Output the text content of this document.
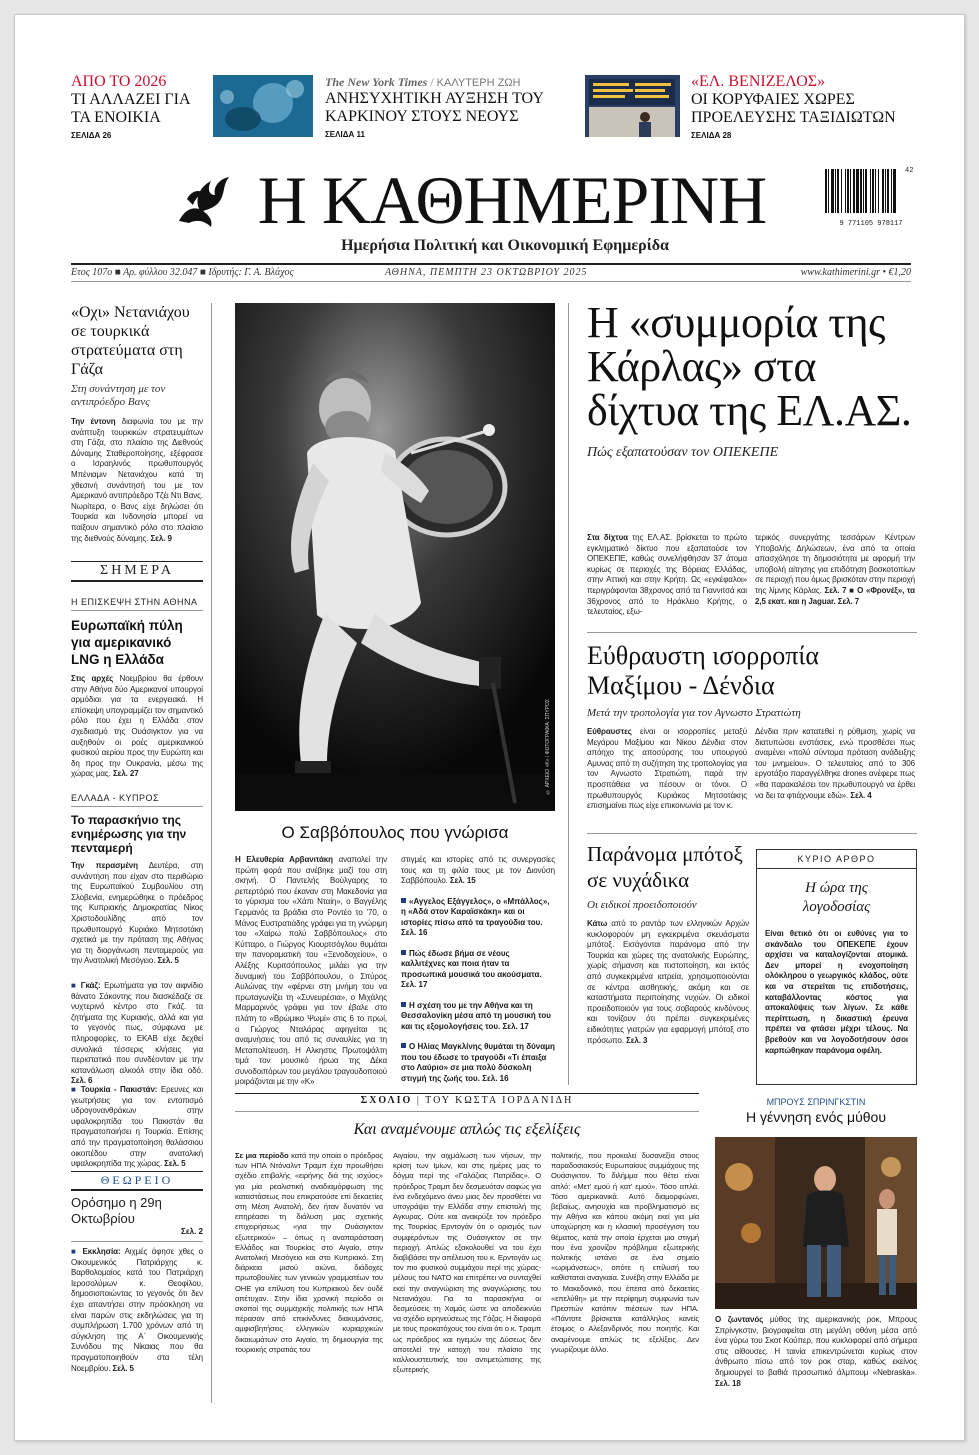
ΑΠΟ ΤΟ 2026
ΤΙ ΑΛΛΑΖΕΙ ΓΙΑ ΤΑ ΕΝΟΙΚΙΑ
ΣΕΛΙΔΑ 26
The New York Times / ΚΑΛΥΤΕΡΗ ΖΩΗ
ΑΝΗΣΥΧΗΤΙΚΗ ΑΥΞΗΣΗ ΤΟΥ ΚΑΡΚΙΝΟΥ ΣΤΟΥΣ ΝΕΟΥΣ
ΣΕΛΙΔΑ 11
«ΕΛ. ΒΕΝΙΖΕΛΟΣ»
ΟΙ ΚΟΡΥΦΑΙΕΣ ΧΩΡΕΣ ΠΡΟΕΛΕΥΣΗΣ ΤΑΞΙΔΙΩΤΩΝ
ΣΕΛΙΔΑ 28
Η ΚΑΘΗΜΕΡΙΝΗ
Ημερήσια Πολιτική και Οικονομική Εφημερίδα
9 771105 978117
42
Ετος 107ο ■ Αρ. φύλλου 32.047 ■ Ιδρυτής: Γ. Α. Βλάχος	ΑΘΗΝΑ, ΠΕΜΠΤΗ 23 ΟΚΤΩΒΡΙΟΥ 2025	www.kathimerini.gr • €1,20
«Οχι» Νετανιάχου σε τουρκικά στρατεύματα στη Γάζα
Στη συνάντηση με τον αντιπρόεδρο Βανς
Την έντονη διαφωνία του με την ανάπτυξη τουρκικών στρατευμάτων στη Γάζα, στο πλαίσιο της Διεθνούς Δύναμης Σταθεροποίησης, εξέφρασε ο Ισραηλινός πρωθυπουργός Μπένιαμιν Νετανιάχου κατά τη χθεσινή συνάντησή του με τον Αμερικανό αντιπρόεδρο Τζέι Ντι Βανς. Νωρίτερα, ο Βανς είχε δηλώσει ότι Τουρκία και Ινδονησία μπορεί να παίξουν σημαντικό ρόλο στο πλαίσιο της διεθνούς δύναμης. Σελ. 9
ΣΗΜΕΡΑ
Η ΕΠΙΣΚΕΨΗ ΣΤΗΝ ΑΘΗΝΑ
Ευρωπαϊκή πύλη για αμερικανικό LNG η Ελλάδα
Στις αρχές Νοεμβρίου θα έρθουν στην Αθήνα δύο Αμερικανοί υπουργοί αρμόδιοι για τα ενεργειακά. Η επίσκεψη υπογραμμίζει τον σημαντικό ρόλο που έχει η Ελλάδα στον σχεδιασμό της Ουάσιγκτον για να αυξηθούν οι ροές αμερικανικού φυσικού αερίου προς την Ευρώπη και δη προς την Ουκρανία, μέσω της χώρας μας. Σελ. 27
ΕΛΛΑΔΑ - ΚΥΠΡΟΣ
Το παρασκήνιο της ενημέρωσης για την πενταμερή
Την περασμένη Δευτέρα, στη συνάντηση που είχαν στο περιθώριο της Ευρωπαϊκού Συμβουλίου στη Σλοβενία, ενημερώθηκε ο πρόεδρος της Κυπριακής Δημοκρατίας Νίκος Χριστοδουλίδης από τον πρωθυπουργό Κυριάκο Μητσοτάκη σχετικά με την πρόταση της Αθήνας για τη διοργάνωση πενταμερούς για την Ανατολική Μεσόγειο. Σελ. 5
■ Γκάζ: Ερωτήματα για τον αιφνίδιο θάνατο Σάκοντης που διασκέδαζε σε νυχτερινό κέντρο στο Γκάζ. τα ζητήματα της Κυριακής, αλλά και για το γεγονός πως, σύμφωνα με πληροφορίες, το ΕΚΑΒ είχε δεχθεί συνολικά τέσσερις κλήσεις για περιστατικά που συνδέονταν με την κατανάλωση αλκοόλ στην ίδια οδό. Σελ. 6
■ Τουρκία - Πακιστάν: Ερευνες και γεωτρήσεις για τον εντοπισμό υδρογονανθράκων στην υφαλοκρηπίδα του Πακιστάν θα πραγματοποιήσει η Τουρκία. Επίσης από την πραγματοποίηση θαλάσσιου οικοπέδου στην ανατολική υφαλοκρηπίδα της χώρας. Σελ. 5
ΘΕΩΡΕΙΟ
Ορόσημο η 29η Οκτωβρίου
Σελ. 2
■ Εκκλησία: Αιχμές άφησε χθες ο Οικουμενικός Πατριάρχης κ. Βαρθολομαίος κατά του Πατριάρχη Ιεροσολύμων κ. Θεοφίλου, δημοσιοποιώντας το γεγονός ότι δεν έχει απαντήσει στην πρόσκληση να είναι παρών στις εκδηλώσεις για τη συμπλήρωση 1.700 χρόνων από τη σύγκληση της Α΄ Οικουμενικής Συνόδου της Νίκαιας που θα πραγματοποιηθούν στα τέλη Νοεμβρίου. Σελ. 5
© ΑΡΧΕΙΟ «Κ» / ΦΩΤΟΓΡΑΦΙΑ: ΣΠΥΡΟΣ
Ο Σαββόπουλος που γνώρισα
Η Ελευθερία Αρβανιτάκη αναπολεί την πρώτη φορά που ανέβηκε μαζί του στη σκηνή. Ο Παντελής Βούλγαρης το ρεπερτόριό που έκαναν στη Μακεδονία για το γύρισμα του «Χάπι Νταίη», ο Βαγγέλης Γερμανός τα βράδια στο Ροντέο το '70, ο Μάνος Ευστρατιάδης γράφει για τη γνώριμη του «Χαίρω πολύ Σαββόπουλος» στο Κύτταρο, ο Γιώργος Κιουρτσόγλου θυμάται την πανοραματική του «Ξενοδοχείου», ο Αλέξης Κυριτσόπουλος μιλάει για την δυναμική του Σαββόπουλου, ο Σπύρος Αυλώνας την «φέρνει στη μνήμη του να πρωταγωνίζει τη «Συνευρέσια», ο Μιχάλης Μαρμαρινός γράφει για τον έβαλε στο πλάτη το «Βρώμικο Ψωμί» στις 6 το πρωί, ο Γιώργος Νταλάρας αφηγείται τις αναμνήσεις του από τις συναυλίες για τη Μεταπολίτευση. Η Αλκηστις Πρωτοψάλτη τιμά τον μουσικό ήρωα της Δέκα συνοδοιπόρων του μεγάλου τραγουδοποιού μοιράζονται με την «Κ»
στιγμές και ιστορίες από τις συνεργασίες τους και τη φιλία τους με τον Διονύση Σαββόπουλο. Σελ. 15
«Αγγελος Εξάγγελος», ο «Μπάλλος», η «Αδά στον Καραϊσκάκη» και οι ιστορίες πίσω από τα τραγούδια του. Σελ. 16
Πώς έδωσε βήμα σε νέους καλλιτέχνες και ποια ήταν τα προσωπικά μουσικά του ακούσματα. Σελ. 17
Η σχέση του με την Αθήνα και τη Θεσσαλονίκη μέσα από τη μουσική του και τις εξομολογήσεις του. Σελ. 17
Ο Ηλίας Μαγκλίνης θυμάται τη δύναμη που του έδωσε το τραγούδι «Τι έπαιξα στο Λαύριο» σε μια πολύ δύσκολη στιγμή της ζωής του. Σελ. 16
Η «συμμορία της Κάρλας» στα δίχτυα της ΕΛ.ΑΣ.
Πώς εξαπατούσαν τον ΟΠΕΚΕΠΕ
Στα δίχτυα της ΕΛ.ΑΣ. βρίσκεται το πρώτο εγκληματικό δίκτυο που εξαπατούσε τον ΟΠΕΚΕΠΕ, καθώς συνελήφθησαν 37 άτομα κυρίως σε περιοχές της Βόρειας Ελλάδας, στην Αττική και στην Κρήτη. Ως «εγκέφαλοι» περιγράφονται 38χρονος από τα Γιαννιτσά και 36χρονος από το Ηράκλειο Κρήτης, ο τελευταίος, εξω-
τερικός συνεργάτης τεσσάρων Κέντρων Υποβολής Δηλώσεων, ένα από τα οποία απασχόλησε τη δημοσιότητα με αφορμή την υποβολή αίτησης για επιδότηση βοσκοτοπίων σε περιοχή που όμως βρισκόταν στην περιοχή της λίμνης Κάρλας. Σελ. 7 ■ Ο «Φρονέξ», τα 2,5 εκατ. και η Jaguar. Σελ. 7
Εύθραυστη ισορροπία Μαξίμου - Δένδια
Μετά την τροπολογία για τον Αγνωστο Στρατιώτη
Εύθραυστες είναι οι ισορροπίες μεταξύ Μεγάρου Μαξίμου και Νίκου Δένδια στον απόηχο της αποσύρσης του υπουργού Αμυνας από τη συζήτηση της τροπολογίας για τον Αγνωστο Στρατιώτη, παρά την προσπάθεια να πέσουν οι τόνοι. Ο πρωθυπουργός Κυριάκος Μητσοτάκης επισημαίνει πως είχε επικοινωνία με τον κ.
Δένδια πριν κατατεθεί η ρύθμιση, χωρίς να διατυπώσει ενστάσεις, ενώ προσθέσει πως αναμένει «πολύ σύντομα πρόταση ανάδειξης του μνημείου». Ο τελευταίος από το 306 εργοτάξιο παραγγέλθηκε drones ανέφερε πως «θα παρακαλέσει τον πρωθυπουργό να έρθει να δει τα φτιάχνουμε εδώ». Σελ. 4
Παράνομα μπότοξ σε νυχάδικα
Οι ειδικοί προειδοποιούν
Κάτω από το ραντάρ των ελληνικών Αρχών κυκλοφορούν μη εγκεκριμένα σκευάσματα μπότοξ. Εισάγονται παράνομα από την Τουρκία και χώρες της ανατολικής Ευρώπης, χωρίς σήμανση και πιστοποίηση, και εκτός από συγκεκριμένα ιατρεία, χρησιμοποιούνται σε κέντρα αισθητικής, ακόμη και σε καταστήματα περιποίησης νυχιών. Οι ειδικοί προειδοποιούν για τους σοβαρούς κινδύνους και τονίζουν ότι πρέπει συγκεκριμένες ειδικότητες γιατρών για εφαρμογή μπότοξ στο πρόσωπο. Σελ. 3
ΚΥΡΙΟ ΑΡΘΡΟ
Η ώρα της λογοδοσίας
Είναι θετικό ότι οι ευθύνες για το σκάνδαλο του ΟΠΕΚΕΠΕ έχουν αρχίσει να καταλογίζονται ατομικά. Δεν μπορεί η ενοχοποίηση ολόκληρου ο γεωργικός κλάδος, ούτε και να στερείται τις επιδοτήσεις, καταβάλλοντας κόστος για αποκαλύψεις των λίγων. Σε κάθε περίπτωση, η δικαστική έρευνα πρέπει να φτάσει μέχρι τέλους. Να βρεθούν και να λογοδοτήσουν όσοι καρπώθηκαν παράνομα οφέλη.
ΣΧΟΛΙΟ | ΤΟΥ ΚΩΣΤΑ ΙΟΡΔΑΝΙΔΗ
Και αναμένουμε απλώς τις εξελίξεις
Σε μια περίοδο κατά την οποία ο πρόεδρος των ΗΠΑ Ντόναλντ Τραμπ έχει προωθήσει σχέδιο επιβολής «ειρήνης διά της ισχύος» για μία ρεαλιστική αναδιαμόρφωση της καταστάσεως που επικρατούσε επί δεκαετίες στη Μέση Ανατολή, δεν ήταν δυνατόν να επηρέασει τη διάλυση μας σχετικής επιχειρήσεως «για την Ουάσιγκτον εξωτερικού» – όπως η αναπαράσταση Ελλάδος και Τουρκίας στο Αιγαίο, στην Ανατολική Μεσόγειο και στο Κυπριακό. Στη διάρκεια μισού αιώνα, διάδοχες πρωτοβουλίες των γενικών γραμματέων του ΟΗΕ για επίλυση του Κυπριακού δεν ουδέ απέτυχαν. Στην ίδια χρονική περίοδο οι σκοποί της συμμαχικής πολιτικής των ΗΠΑ πέρασαν από επικίνδυνες διακυμάνσεις, αμφισβητήσεις ελληνικών κυριαρχικών δικαιωμάτων στο Αιγαίο, τη δημιουργία της τουρκικής στρατιάς του
Αιγαίου, την αιχμάλωση των νήσων, την κρίση των Ιμίων, και στις ημέρες μας το δόγμα περί της «Γαλάζιας Πατρίδας». Ο πρόεδρος Τραμπ δεν δεσμευόταν σαφώς για ένα ενδεχόμενο άνευ μιας δεν προσθέτει να υπογράψει την Ελλάδα στην επιστολή της Αγκυρας. Ούτε και ανακρύξε τον πρόεδρο της Τουρκίας Ερντογάν ότι ο ορισμός των συμφερόντων της Ουάσιγκτον σε την περιοχή. Απλώς εξακολουθεί να του έχει διαβιβάσει την απέλευση του κ. Ερντογάν ως τον πιο φυσικού συμμάχου περί της χώρας-μέλους του ΝΑΤΟ και επιτρέπει να συνταχθεί εκεί την αναγνώριση της αναγνώρισης του Νετανιάχου. Για τα παρασκήνια οι δεσμεύσεις τη Χαμάς ώστε να αποδεικνύει να σχέδιο ειρηνεύσεως της Γάζας. Η διαφορά με τους προκατόχους του είναι ότι ο κ. Τραμπ ως πρόεδρος και ηγεμών της Δύσεως δεν αποτελεί την κατοχή του πλαίσιο της καλλιουστευτικής του αντιμετώπισης της εξωτερικής
πολιτικής, που προκαλεί δυσανεξία στους παραδοσιακούς Ευρωπαίους συμμάχους της Ουάσιγκτον. Το διλήμμα που θέτει είναι απλό: «Μετ' εμού ή κατ' εμού». Τόσο απλά. Τόσο αμερικανικά. Αυτό διαμορφώνει, βεβαίως, ανησυχία και προβληματισμό εις την Αθήνα και κάπου ακόμη εκεί για μία υποχώρηση και η κλασική προσέγγιση του θέματος, κατά την οποία έρχεται μια στιγμή που ένα χρονίζον πρόβλημα εξωτερικής πολιτικής ιστάνει σε ένα σημείο «ωριμάνσεως», οπότε η επίλυσή του καθίσταται αναγκαία. Συνέβη στην Ελλάδα με το Μακεδονικό, που έπειτα από δεκαετίες «επελύθη» με την περίφημη συμφωνία των Πρεσπών κατόπιν πιέσεων των ΗΠΑ. «Πάντοτε βρίσκεται κατάλληλος κανείς έτοιμος ο Αλεξανδρινός που ποιητής. Και αναμένουμε απλώς τις εξελίξεις. Δεν γνωρίζουμε άλλο.
ΜΠΡΟΥΣ ΣΠΡΙΝΓΚΣΤΙΝ
Η γέννηση ενός μύθου
Ο ζωντανός μύθος της αμερικανικής ροκ, Μπρους Σπρίνγκστιν, βιογραφείται στη μεγάλη οθόνη μέσα από ένα γύρω του Σκοτ Κούπερ, που κυκλοφορεί από σήμερα στις αίθουσες. Η ταινία επικεντρώνεται κυρίως στον άνθρωπο πίσω από τον ροκ σταρ, καθώς εκείνος δημιουργεί το βαθιά προσωπικό άλμπουμ «Nebraska». Σελ. 18
